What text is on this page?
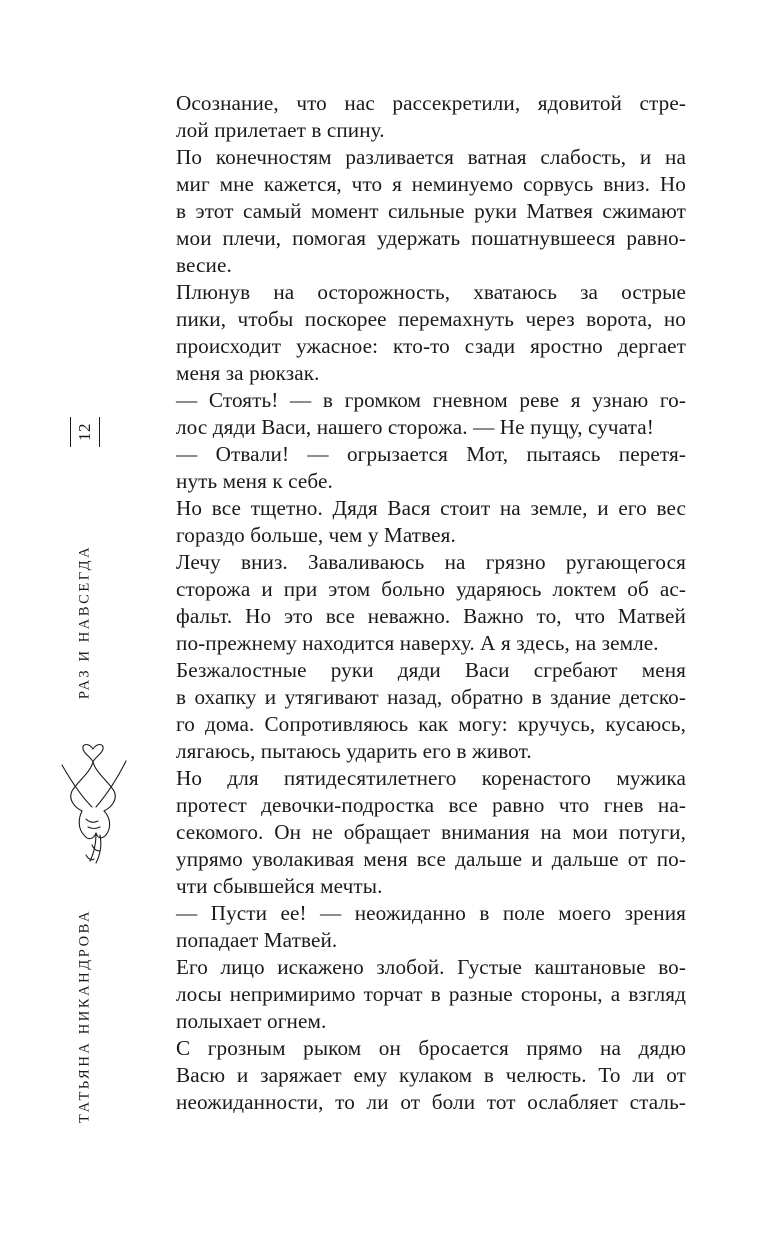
12
РАЗ И НАВСЕГДА
ТАТЬЯНА НИКАНДРОВА
Осознание, что нас рассекретили, ядовитой стре-
лой прилетает в спину.
По конечностям разливается ватная слабость, и на
миг мне кажется, что я неминуемо сорвусь вниз. Но
в этот самый момент сильные руки Матвея сжимают
мои плечи, помогая удержать пошатнувшееся равно-
весие.
Плюнув на осторожность, хватаюсь за острые
пики, чтобы поскорее перемахнуть через ворота, но
происходит ужасное: кто-то сзади яростно дергает
меня за рюкзак.
— Стоять! — в громком гневном реве я узнаю го-
лос дяди Васи, нашего сторожа. — Не пущу, сучата!
— Отвали! — огрызается Мот, пытаясь перетя-
нуть меня к себе.
Но все тщетно. Дядя Вася стоит на земле, и его вес
гораздо больше, чем у Матвея.
Лечу вниз. Заваливаюсь на грязно ругающегося
сторожа и при этом больно ударяюсь локтем об ас-
фальт. Но это все неважно. Важно то, что Матвей
по-прежнему находится наверху. А я здесь, на земле.
Безжалостные руки дяди Васи сгребают меня
в охапку и утягивают назад, обратно в здание детско-
го дома. Сопротивляюсь как могу: кручусь, кусаюсь,
лягаюсь, пытаюсь ударить его в живот.
Но для пятидесятилетнего коренастого мужика
протест девочки-подростка все равно что гнев на-
секомого. Он не обращает внимания на мои потуги,
упрямо уволакивая меня все дальше и дальше от по-
чти сбывшейся мечты.
— Пусти ее! — неожиданно в поле моего зрения
попадает Матвей.
Его лицо искажено злобой. Густые каштановые во-
лосы непримиримо торчат в разные стороны, а взгляд
полыхает огнем.
С грозным рыком он бросается прямо на дядю
Васю и заряжает ему кулаком в челюсть. То ли от
неожиданности, то ли от боли тот ослабляет сталь-
